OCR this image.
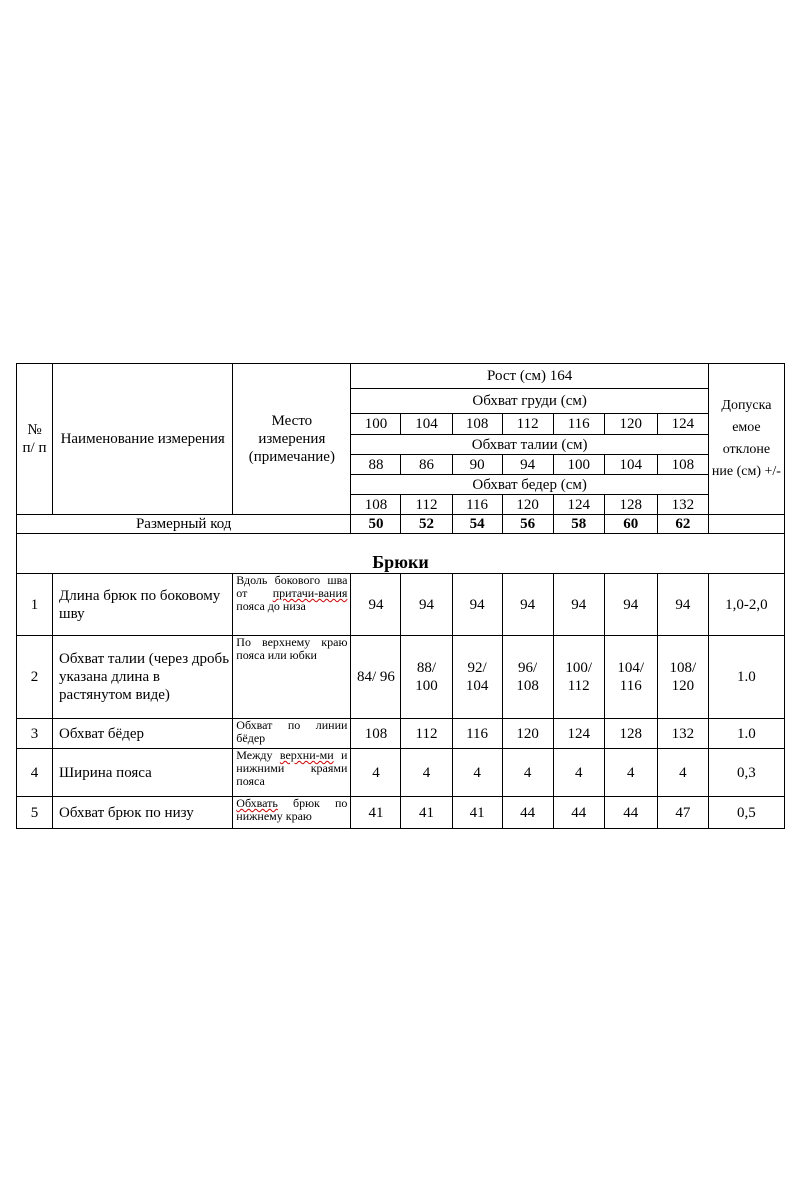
№ п/ п	Наименование измерения	Место измерения (примечание)	Рост (см) 164							Допуска емое отклоне ние (см) +/-
			Обхват груди (см)							
			100	104	108	112	116	120	124	
			Обхват талии (см)							
			88	86	90	94	100	104	108	
			Обхват бедер (см)							
			108	112	116	120	124	128	132	
Размерный код			50	52	54	56	58	60	62	
Брюки										
1	Длина брюк по боковому шву	Вдоль бокового шва от притачи-вания пояса до низа	94	94	94	94	94	94	94	1,0-2,0
2	Обхват талии (через дробь указана длина в растянутом виде)	По верхнему краю пояса или юбки	84/ 96	88/ 100	92/ 104	96/ 108	100/ 112	104/ 116	108/ 120	1.0
3	Обхват бёдер	Обхват по линии бёдер	108	112	116	120	124	128	132	1.0
4	Ширина пояса	Между верхни-ми и нижними краями пояса	4	4	4	4	4	4	4	0,3
5	Обхват брюк по низу	Обхвать брюк по нижнему краю	41	41	41	44	44	44	47	0,5
